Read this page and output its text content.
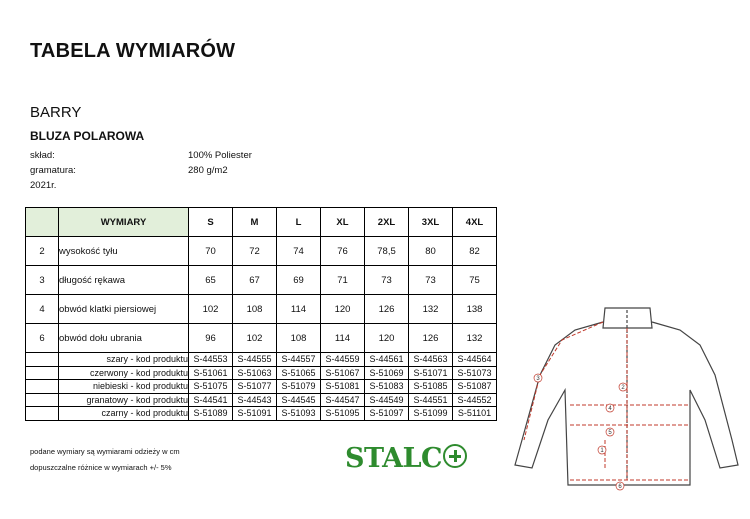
TABELA WYMIARÓW
BARRY
BLUZA POLAROWA
skład:	100% Poliester
gramatura:	280 g/m2
2021r.
	WYMIARY	S	M	L	XL	2XL	3XL	4XL
2	wysokość tyłu	70	72	74	76	78,5	80	82
3	długość rękawa	65	67	69	71	73	73	75
4	obwód klatki piersiowej	102	108	114	120	126	132	138
6	obwód dołu ubrania	96	102	108	114	120	126	132
	szary - kod produktu	S-44553	S-44555	S-44557	S-44559	S-44561	S-44563	S-44564
	czerwony - kod produktu	S-51061	S-51063	S-51065	S-51067	S-51069	S-51071	S-51073
	niebieski - kod produktu	S-51075	S-51077	S-51079	S-51081	S-51083	S-51085	S-51087
	granatowy - kod produktu	S-44541	S-44543	S-44545	S-44547	S-44549	S-44551	S-44552
	czarny - kod produktu	S-51089	S-51091	S-51093	S-51095	S-51097	S-51099	S-51101
podane wymiary są wymiarami odzieży w cm
dopuszczalne różnice w wymiarach +/- 5%	STALC
2
3
4
5
6
1
